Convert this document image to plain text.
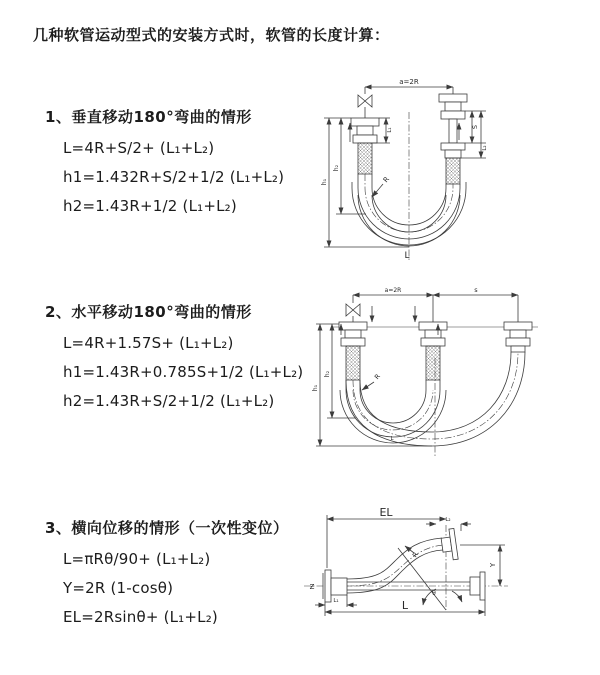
几种软管运动型式的安装方式时，软管的长度计算：
1、垂直移动180°弯曲的情形
L=4R+S/2+ (L₁+L₂)
h1=1.432R+S/2+1/2 (L₁+L₂)
h2=1.43R+1/2 (L₁+L₂)
2、水平移动180°弯曲的情形
L=4R+1.57S+ (L₁+L₂)
h1=1.43R+0.785S+1/2 (L₁+L₂)
h2=1.43R+S/2+1/2 (L₁+L₂)
3、横向位移的情形（一次性变位）
L=πRθ/90+ (L₁+L₂)
Y=2R (1-cosθ)
EL=2Rsinθ+ (L₁+L₂)
a=2R
L₁
S
L₂
h₁
h₂
R
L
a=2R	s
h₁
h₂	R
L
EL
L₂
Y
R
θ
L
L₁
Ƶ
